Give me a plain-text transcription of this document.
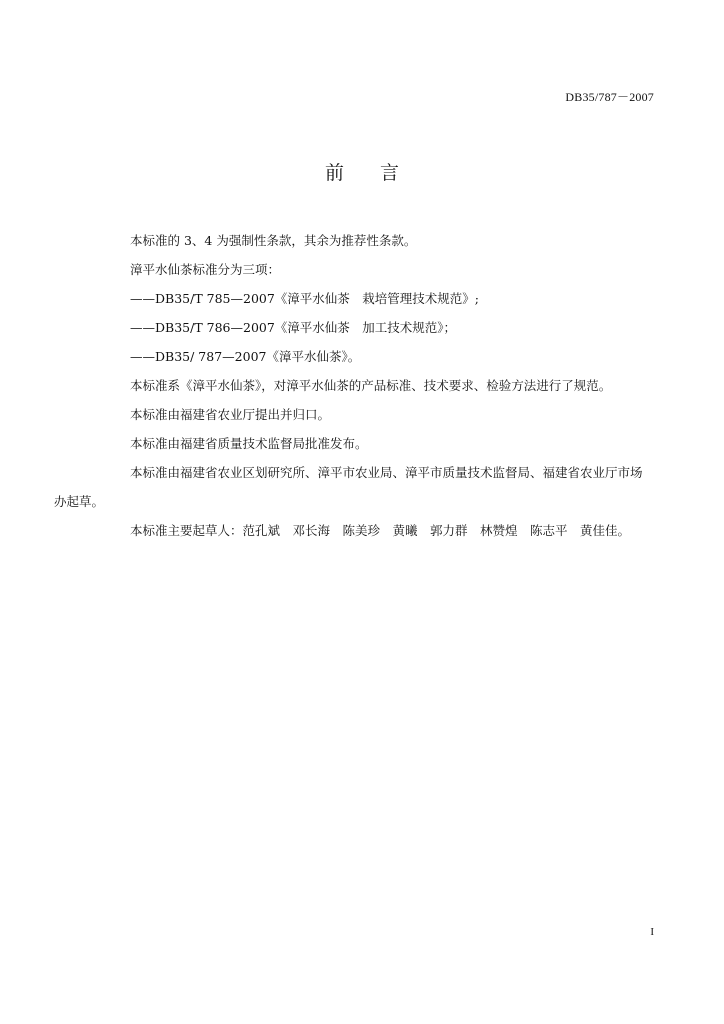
DB35/787－2007
前言

本标准的 3、4 为强制性条款，其余为推荐性条款。

漳平水仙茶标准分为三项：

——DB35/T 785—2007《漳平水仙茶　栽培管理技术规范》;

——DB35/T 786—2007《漳平水仙茶　加工技术规范》；

——DB35/ 787—2007《漳平水仙茶》。

本标准系《漳平水仙茶》，对漳平水仙茶的产品标准、技术要求、检验方法进行了规范。

本标准由福建省农业厅提出并归口。

本标准由福建省质量技术监督局批准发布。

本标准由福建省农业区划研究所、漳平市农业局、漳平市质量技术监督局、福建省农业厅市场
办起草。

本标准主要起草人：范孔斌　邓长海　陈美珍　黄曦　郭力群　林赞煌　陈志平　黄佳佳。

I
